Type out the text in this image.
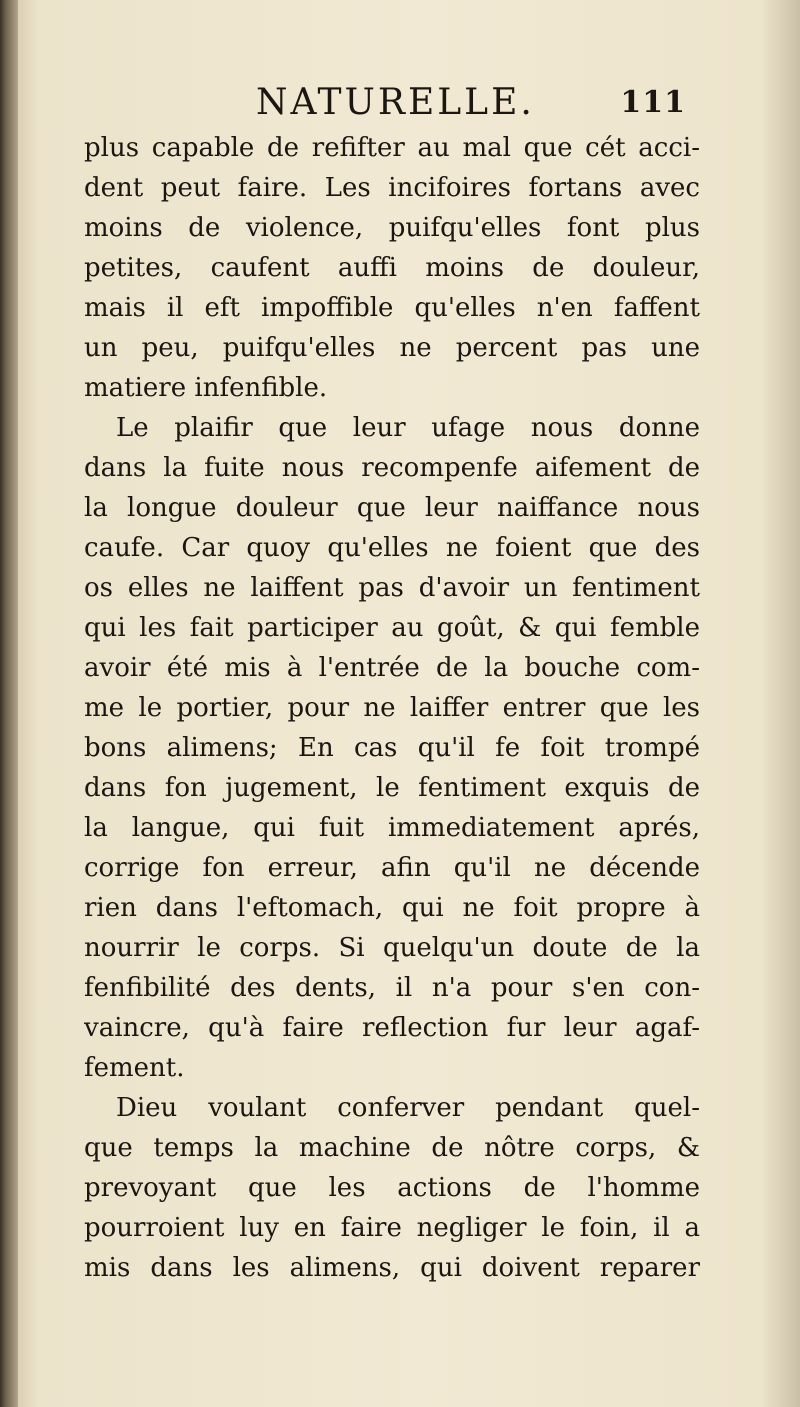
NATURELLE.	111
plus capable de refifter au mal que cét acci-
dent peut faire. Les incifoires fortans avec
moins de violence, puifqu'elles font plus
petites, caufent auffi moins de douleur,
mais il eft impoffible qu'elles n'en faffent
un peu, puifqu'elles ne percent pas une
matiere infenfible.
Le plaifir que leur ufage nous donne
dans la fuite nous recompenfe aifement de
la longue douleur que leur naiffance nous
caufe. Car quoy qu'elles ne foient que des
os elles ne laiffent pas d'avoir un fentiment
qui les fait participer au goût, & qui femble
avoir été mis à l'entrée de la bouche com-
me le portier, pour ne laiffer entrer que les
bons alimens; En cas qu'il fe foit trompé
dans fon jugement, le fentiment exquis de
la langue, qui fuit immediatement aprés,
corrige fon erreur, afin qu'il ne décende
rien dans l'eftomach, qui ne foit propre à
nourrir le corps. Si quelqu'un doute de la
fenfibilité des dents, il n'a pour s'en con-
vaincre, qu'à faire reflection fur leur agaf-
fement.
Dieu voulant conferver pendant quel-
que temps la machine de nôtre corps, &
prevoyant que les actions de l'homme
pourroient luy en faire negliger le foin, il a
mis dans les alimens, qui doivent reparer
